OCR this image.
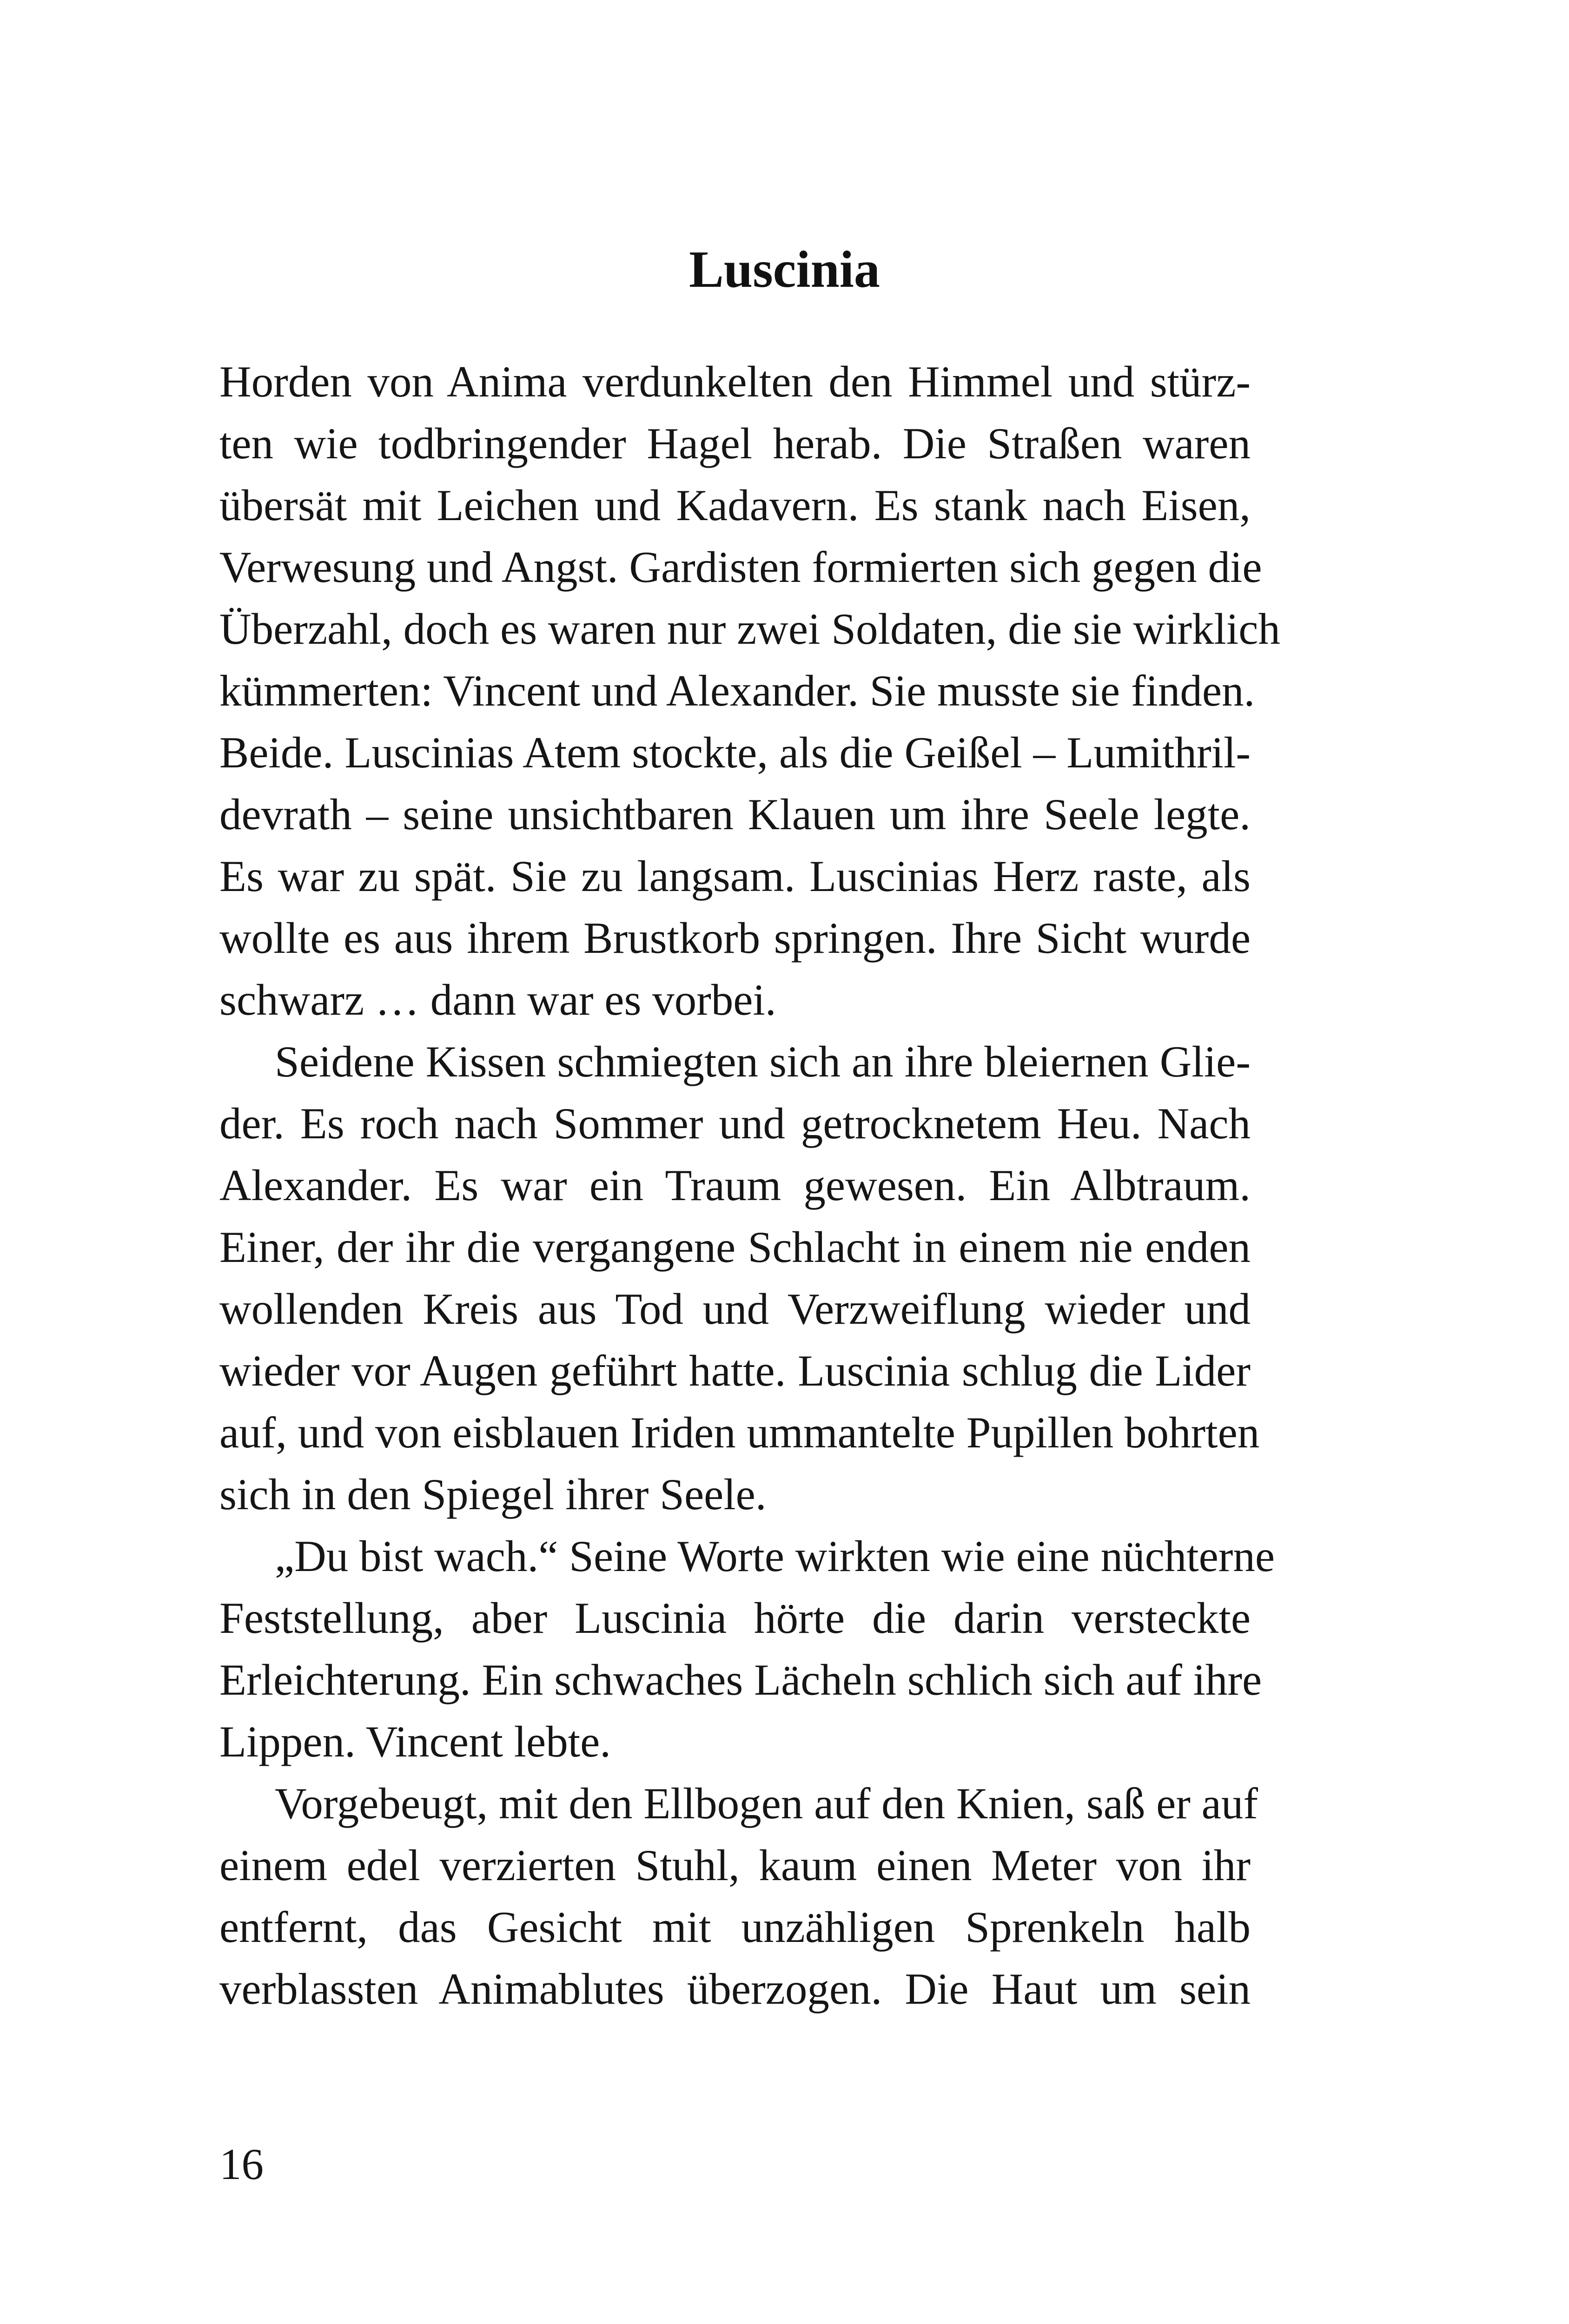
Luscinia

Horden von Anima verdunkelten den Himmel und stürz-
ten wie todbringender Hagel herab. Die Straßen waren
übersät mit Leichen und Kadavern. Es stank nach Eisen,
Verwesung und Angst. Gardisten formierten sich gegen die
Überzahl, doch es waren nur zwei Soldaten, die sie wirklich
kümmerten: Vincent und Alexander. Sie musste sie finden.
Beide. Luscinias Atem stockte, als die Geißel – Lumithril-
devrath – seine unsichtbaren Klauen um ihre Seele legte.
Es war zu spät. Sie zu langsam. Luscinias Herz raste, als
wollte es aus ihrem Brustkorb springen. Ihre Sicht wurde
schwarz … dann war es vorbei.

Seidene Kissen schmiegten sich an ihre bleiernen Glie-
der. Es roch nach Sommer und getrocknetem Heu. Nach
Alexander. Es war ein Traum gewesen. Ein Albtraum.
Einer, der ihr die vergangene Schlacht in einem nie enden
wollenden Kreis aus Tod und Verzweiflung wieder und
wieder vor Augen geführt hatte. Luscinia schlug die Lider
auf, und von eisblauen Iriden ummantelte Pupillen bohrten
sich in den Spiegel ihrer Seele.

„Du bist wach.“ Seine Worte wirkten wie eine nüchterne
Feststellung, aber Luscinia hörte die darin versteckte
Erleichterung. Ein schwaches Lächeln schlich sich auf ihre
Lippen. Vincent lebte.

Vorgebeugt, mit den Ellbogen auf den Knien, saß er auf
einem edel verzierten Stuhl, kaum einen Meter von ihr
entfernt, das Gesicht mit unzähligen Sprenkeln halb
verblassten Animablutes überzogen. Die Haut um sein

16
